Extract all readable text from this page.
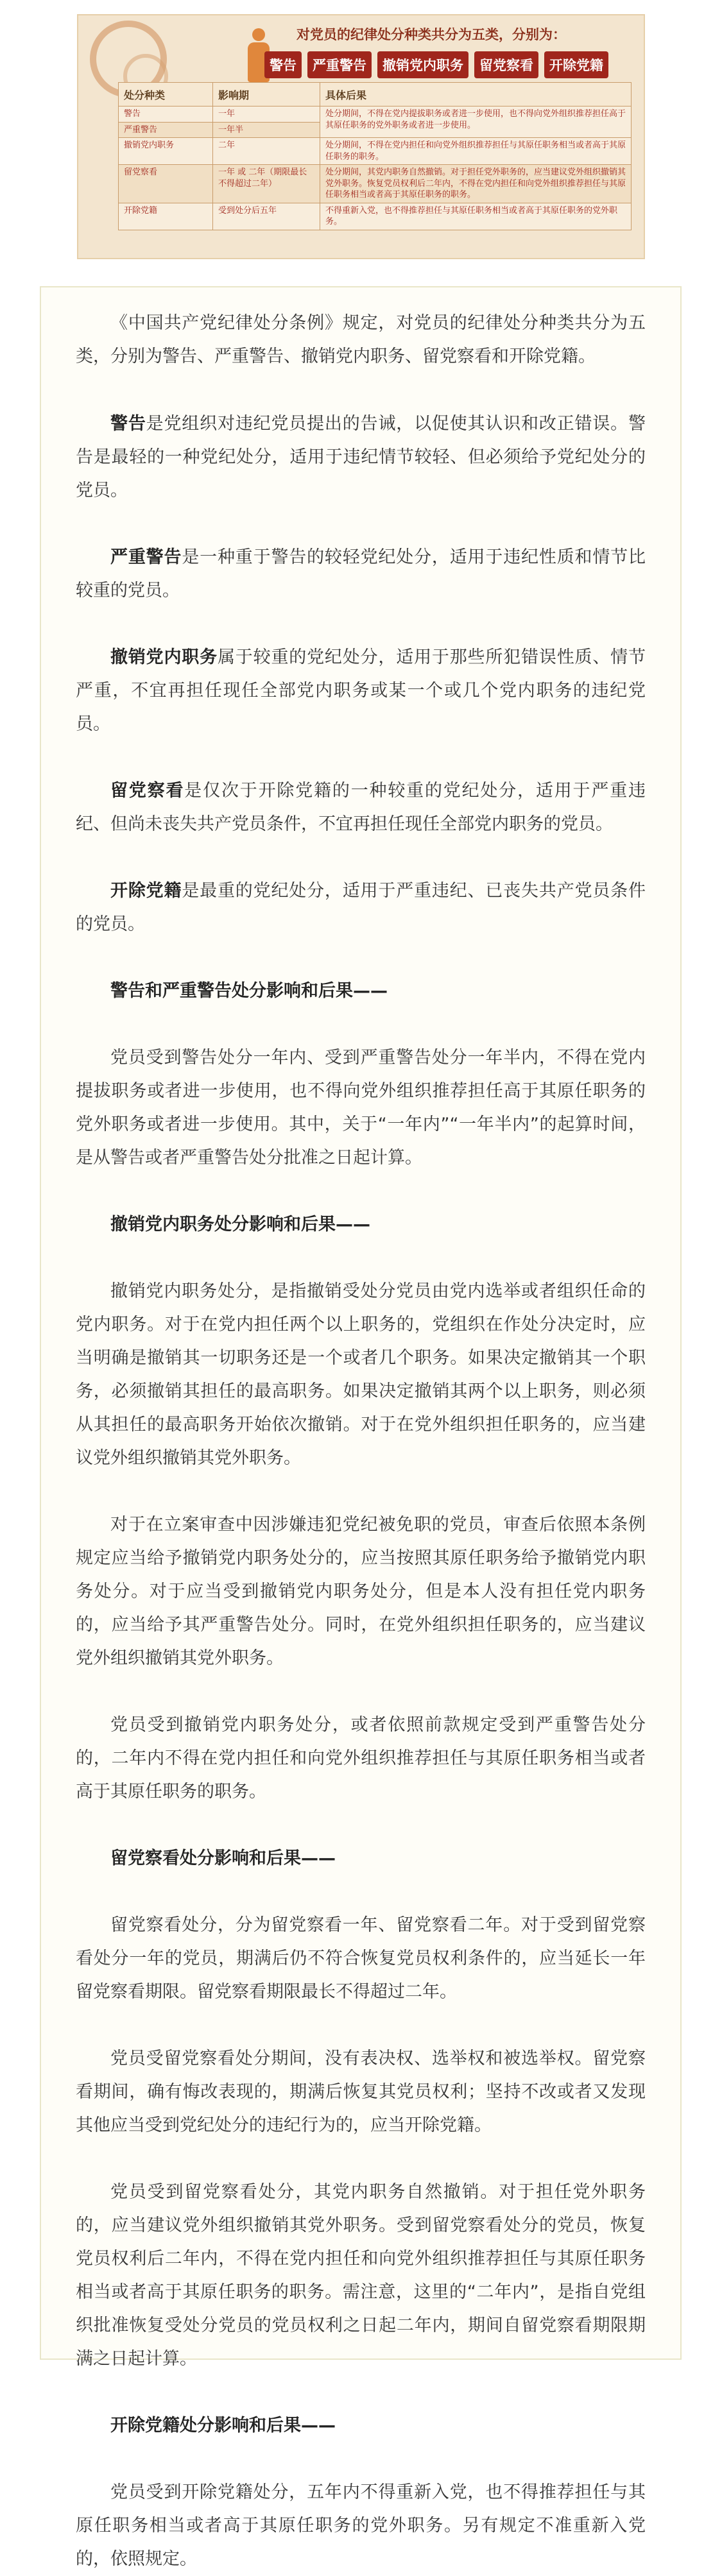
对党员的纪律处分种类共分为五类，分别为：
警告	严重警告	撤销党内职务	留党察看	开除党籍
处分种类	影响期	具体后果
警告	一年	处分期间，不得在党内提拔职务或者进一步使用，也不得向党外组织推荐担任高于其原任职务的党外职务或者进一步使用。
严重警告	一年半	
撤销党内职务	二年	处分期间，不得在党内担任和向党外组织推荐担任与其原任职务相当或者高于其原任职务的职务。
留党察看	一年 或 二年（期限最长不得超过二年）	处分期间，其党内职务自然撤销。对于担任党外职务的，应当建议党外组织撤销其党外职务。恢复党员权利后二年内，不得在党内担任和向党外组织推荐担任与其原任职务相当或者高于其原任职务的职务。
开除党籍	受到处分后五年	不得重新入党，也不得推荐担任与其原任职务相当或者高于其原任职务的党外职务。

《中国共产党纪律处分条例》规定，对党员的纪律处分种类共分为五类，分别为警告、严重警告、撤销党内职务、留党察看和开除党籍。

警告是党组织对违纪党员提出的告诫，以促使其认识和改正错误。警告是最轻的一种党纪处分，适用于违纪情节较轻、但必须给予党纪处分的党员。

严重警告是一种重于警告的较轻党纪处分，适用于违纪性质和情节比较重的党员。

撤销党内职务属于较重的党纪处分，适用于那些所犯错误性质、情节严重，不宜再担任现任全部党内职务或某一个或几个党内职务的违纪党员。

留党察看是仅次于开除党籍的一种较重的党纪处分，适用于严重违纪、但尚未丧失共产党员条件，不宜再担任现任全部党内职务的党员。

开除党籍是最重的党纪处分，适用于严重违纪、已丧失共产党员条件的党员。

警告和严重警告处分影响和后果——

党员受到警告处分一年内、受到严重警告处分一年半内，不得在党内提拔职务或者进一步使用，也不得向党外组织推荐担任高于其原任职务的党外职务或者进一步使用。其中，关于“一年内”“一年半内”的起算时间，是从警告或者严重警告处分批准之日起计算。

撤销党内职务处分影响和后果——

撤销党内职务处分，是指撤销受处分党员由党内选举或者组织任命的党内职务。对于在党内担任两个以上职务的，党组织在作处分决定时，应当明确是撤销其一切职务还是一个或者几个职务。如果决定撤销其一个职务，必须撤销其担任的最高职务。如果决定撤销其两个以上职务，则必须从其担任的最高职务开始依次撤销。对于在党外组织担任职务的，应当建议党外组织撤销其党外职务。

对于在立案审查中因涉嫌违犯党纪被免职的党员，审查后依照本条例规定应当给予撤销党内职务处分的，应当按照其原任职务给予撤销党内职务处分。对于应当受到撤销党内职务处分，但是本人没有担任党内职务的，应当给予其严重警告处分。同时，在党外组织担任职务的，应当建议党外组织撤销其党外职务。

党员受到撤销党内职务处分，或者依照前款规定受到严重警告处分的，二年内不得在党内担任和向党外组织推荐担任与其原任职务相当或者高于其原任职务的职务。

留党察看处分影响和后果——

留党察看处分，分为留党察看一年、留党察看二年。对于受到留党察看处分一年的党员，期满后仍不符合恢复党员权利条件的，应当延长一年留党察看期限。留党察看期限最长不得超过二年。

党员受留党察看处分期间，没有表决权、选举权和被选举权。留党察看期间，确有悔改表现的，期满后恢复其党员权利；坚持不改或者又发现其他应当受到党纪处分的违纪行为的，应当开除党籍。

党员受到留党察看处分，其党内职务自然撤销。对于担任党外职务的，应当建议党外组织撤销其党外职务。受到留党察看处分的党员，恢复党员权利后二年内，不得在党内担任和向党外组织推荐担任与其原任职务相当或者高于其原任职务的职务。需注意，这里的“二年内”，是指自党组织批准恢复受处分党员的党员权利之日起二年内，期间自留党察看期限期满之日起计算。

开除党籍处分影响和后果——

党员受到开除党籍处分，五年内不得重新入党，也不得推荐担任与其原任职务相当或者高于其原任职务的党外职务。另有规定不准重新入党的，依照规定。
